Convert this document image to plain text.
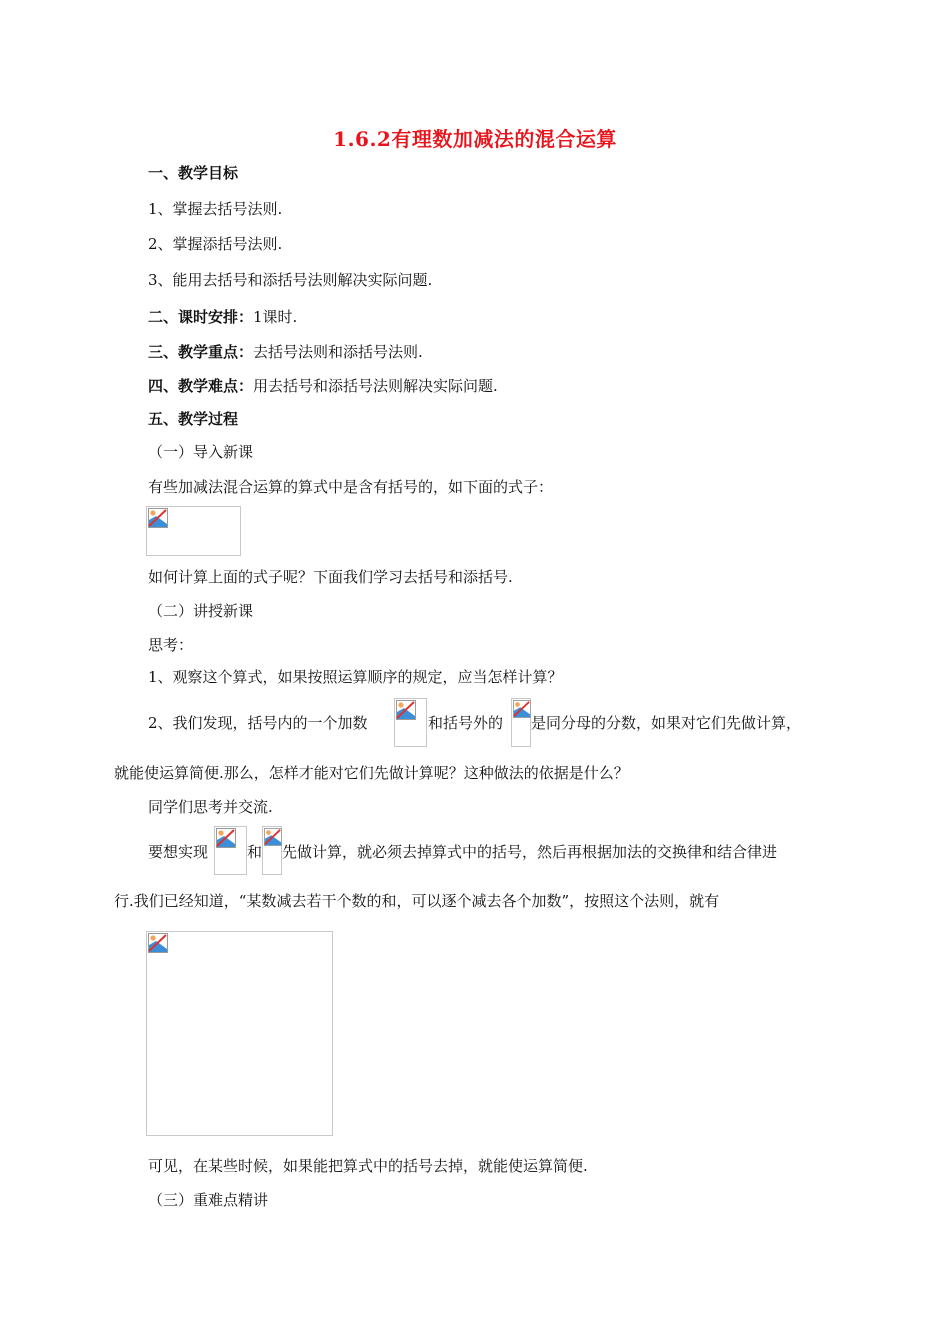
1.6.2有理数加减法的混合运算
一、教学目标
1、掌握去括号法则.
2、掌握添括号法则.
3、能用去括号和添括号法则解决实际问题.
二、课时安排：1课时.
三、教学重点：去括号法则和添括号法则.
四、教学难点：用去括号和添括号法则解决实际问题.
五、教学过程
（一）导入新课
有些加减法混合运算的算式中是含有括号的，如下面的式子：
如何计算上面的式子呢？下面我们学习去括号和添括号.
（二）讲授新课
思考：
1、观察这个算式，如果按照运算顺序的规定，应当怎样计算？
2、我们发现，括号内的一个加数	和括号外的 是同分母的分数，如果对它们先做计算，
就能使运算简便.那么，怎样才能对它们先做计算呢？这种做法的依据是什么？
同学们思考并交流.
要想实现	和 先做计算，就必须去掉算式中的括号，然后再根据加法的交换律和结合律进
行.我们已经知道，“某数减去若干个数的和，可以逐个减去各个加数”，按照这个法则，就有
可见，在某些时候，如果能把算式中的括号去掉，就能使运算简便.
（三）重难点精讲
